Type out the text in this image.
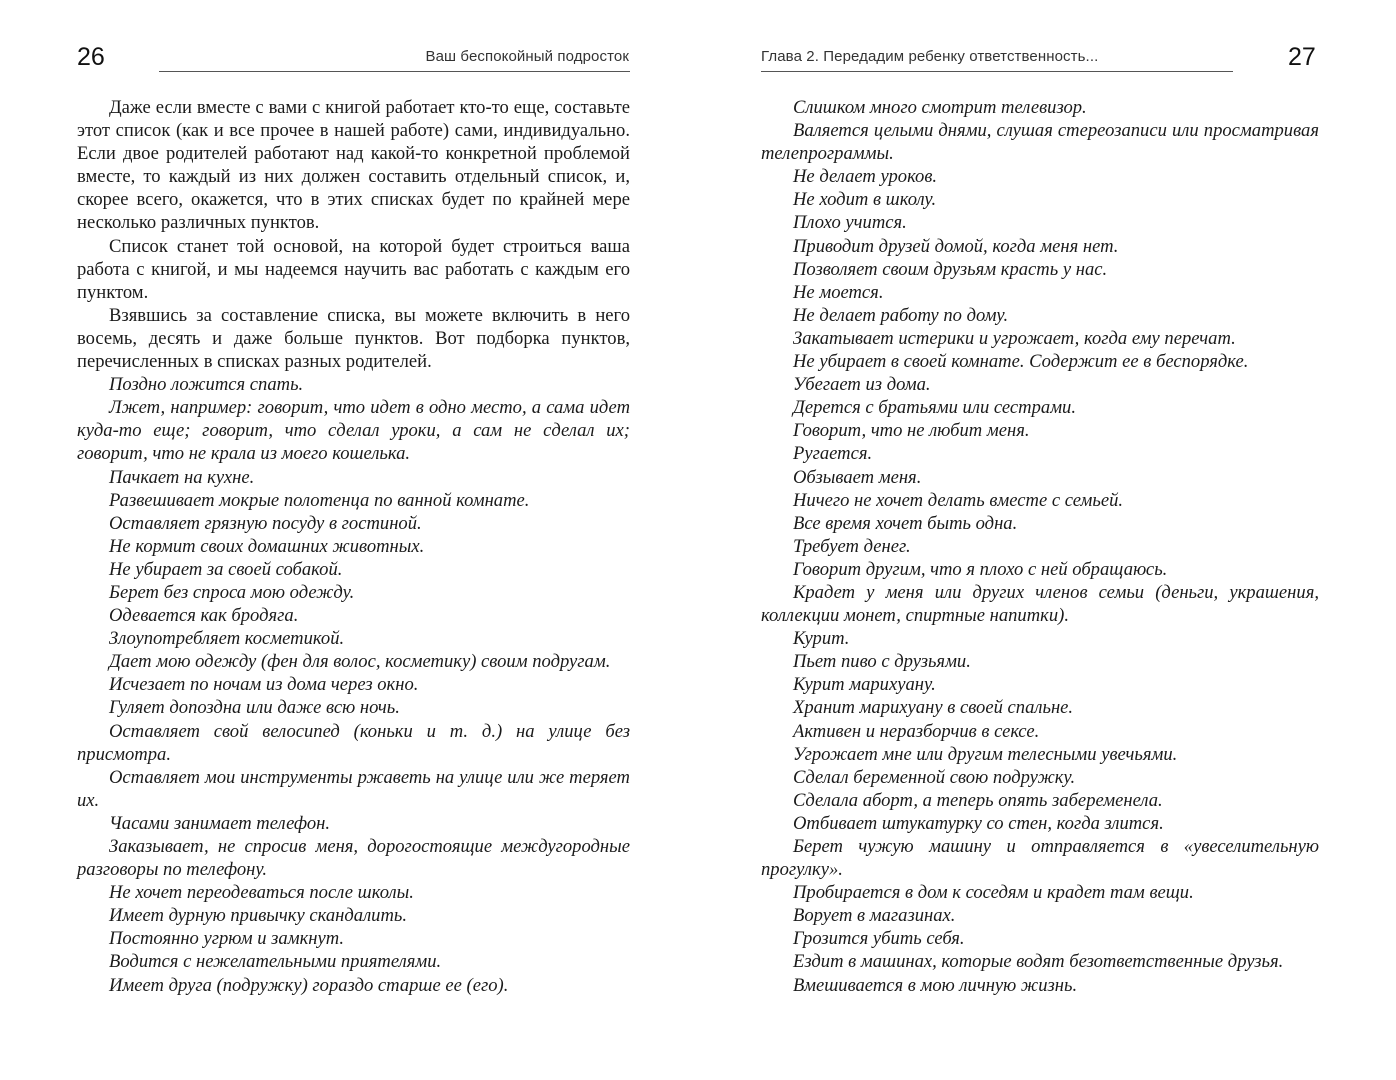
26	Ваш беспокойный подросток

Даже если вместе с вами с книгой работает кто-то еще, составьте этот список (как и все прочее в нашей работе) сами, индивидуально. Если двое родителей работают над какой-то конкретной проблемой вместе, то каждый из них должен составить отдельный список, и, скорее всего, окажется, что в этих списках будет по крайней мере несколько различных пунктов.

Список станет той основой, на которой будет строиться ваша работа с книгой, и мы надеемся научить вас работать с каждым его пунктом.

Взявшись за составление списка, вы можете включить в него восемь, десять и даже больше пунктов. Вот подборка пунктов, перечисленных в списках разных родителей.

Поздно ложится спать.

Лжет, например: говорит, что идет в одно место, а сама идет куда-то еще; говорит, что сделал уроки, а сам не сделал их; говорит, что не крала из моего кошелька.

Пачкает на кухне.

Развешивает мокрые полотенца по ванной комнате.

Оставляет грязную посуду в гостиной.

Не кормит своих домашних животных.

Не убирает за своей собакой.

Берет без спроса мою одежду.

Одевается как бродяга.

Злоупотребляет косметикой.

Дает мою одежду (фен для волос, косметику) своим подругам.

Исчезает по ночам из дома через окно.

Гуляет допоздна или даже всю ночь.

Оставляет свой велосипед (коньки и т. д.) на улице без присмотра.

Оставляет мои инструменты ржаветь на улице или же теряет их.

Часами занимает телефон.

Заказывает, не спросив меня, дорогостоящие междугородные разговоры по телефону.

Не хочет переодеваться после школы.

Имеет дурную привычку скандалить.

Постоянно угрюм и замкнут.

Водится с нежелательными приятелями.

Имеет друга (подружку) гораздо старше ее (его).

Глава 2. Передадим ребенку ответственность...	27

Слишком много смотрит телевизор.

Валяется целыми днями, слушая стереозаписи или просматривая телепрограммы.

Не делает уроков.

Не ходит в школу.

Плохо учится.

Приводит друзей домой, когда меня нет.

Позволяет своим друзьям красть у нас.

Не моется.

Не делает работу по дому.

Закатывает истерики и угрожает, когда ему перечат.

Не убирает в своей комнате. Содержит ее в беспорядке.

Убегает из дома.

Дерется с братьями или сестрами.

Говорит, что не любит меня.

Ругается.

Обзывает меня.

Ничего не хочет делать вместе с семьей.

Все время хочет быть одна.

Требует денег.

Говорит другим, что я плохо с ней обращаюсь.

Крадет у меня или других членов семьи (деньги, украшения, коллекции монет, спиртные напитки).

Курит.

Пьет пиво с друзьями.

Курит марихуану.

Хранит марихуану в своей спальне.

Активен и неразборчив в сексе.

Угрожает мне или другим телесными увечьями.

Сделал беременной свою подружку.

Сделала аборт, а теперь опять забеременела.

Отбивает штукатурку со стен, когда злится.

Берет чужую машину и отправляется в «увеселительную прогулку».

Пробирается в дом к соседям и крадет там вещи.

Ворует в магазинах.

Грозится убить себя.

Ездит в машинах, которые водят безответственные друзья.

Вмешивается в мою личную жизнь.
